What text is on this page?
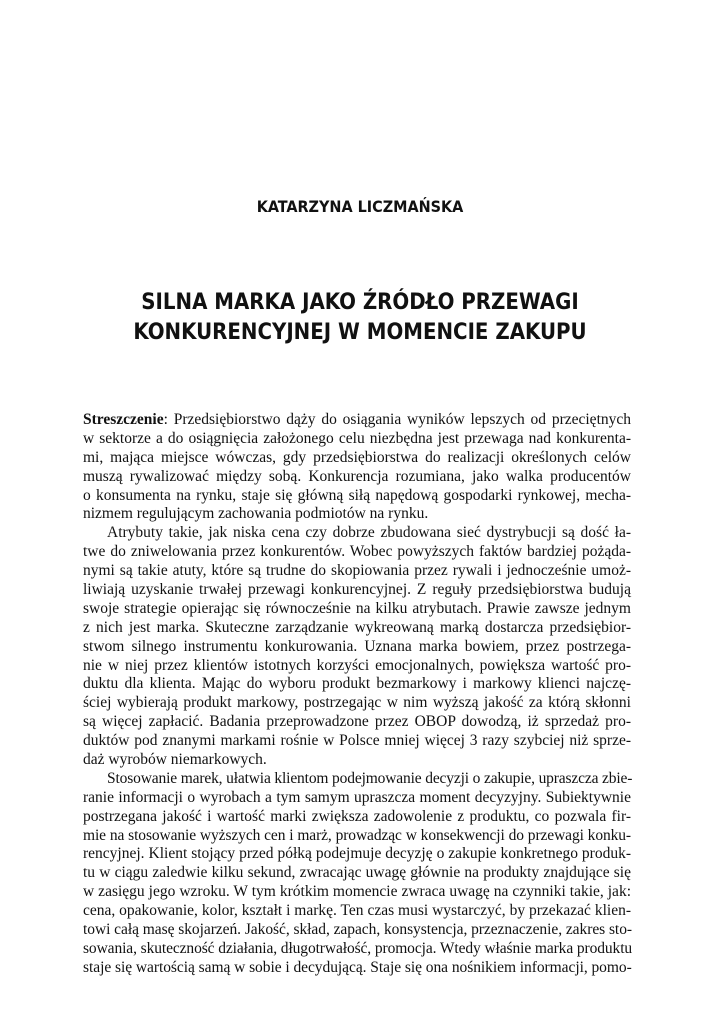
KATARZYNA LICZMAŃSKA
SILNA MARKA JAKO ŹRÓDŁO PRZEWAGI
KONKURENCYJNEJ W MOMENCIE ZAKUPU
Streszczenie: Przedsiębiorstwo dąży do osiągania wyników lepszych od przeciętnych
w sektorze a do osiągnięcia założonego celu niezbędna jest przewaga nad konkurenta-
mi, mająca miejsce wówczas, gdy przedsiębiorstwa do realizacji określonych celów
muszą rywalizować między sobą. Konkurencja rozumiana, jako walka producentów
o konsumenta na rynku, staje się główną siłą napędową gospodarki rynkowej, mecha-
nizmem regulującym zachowania podmiotów na rynku.
Atrybuty takie, jak niska cena czy dobrze zbudowana sieć dystrybucji są dość ła-
twe do zniwelowania przez konkurentów. Wobec powyższych faktów bardziej pożąda-
nymi są takie atuty, które są trudne do skopiowania przez rywali i jednocześnie umoż-
liwiają uzyskanie trwałej przewagi konkurencyjnej. Z reguły przedsiębiorstwa budują
swoje strategie opierając się równocześnie na kilku atrybutach. Prawie zawsze jednym
z nich jest marka. Skuteczne zarządzanie wykreowaną marką dostarcza przedsiębior-
stwom silnego instrumentu konkurowania. Uznana marka bowiem, przez postrzega-
nie w niej przez klientów istotnych korzyści emocjonalnych, powiększa wartość pro-
duktu dla klienta. Mając do wyboru produkt bezmarkowy i markowy klienci najczę-
ściej wybierają produkt markowy, postrzegając w nim wyższą jakość za którą skłonni
są więcej zapłacić. Badania przeprowadzone przez OBOP dowodzą, iż sprzedaż pro-
duktów pod znanymi markami rośnie w Polsce mniej więcej 3 razy szybciej niż sprze-
daż wyrobów niemarkowych.
Stosowanie marek, ułatwia klientom podejmowanie decyzji o zakupie, upraszcza zbie-
ranie informacji o wyrobach a tym samym upraszcza moment decyzyjny. Subiektywnie
postrzegana jakość i wartość marki zwiększa zadowolenie z produktu, co pozwala fir-
mie na stosowanie wyższych cen i marż, prowadząc w konsekwencji do przewagi konku-
rencyjnej. Klient stojący przed półką podejmuje decyzję o zakupie konkretnego produk-
tu w ciągu zaledwie kilku sekund, zwracając uwagę głównie na produkty znajdujące się
w zasięgu jego wzroku. W tym krótkim momencie zwraca uwagę na czynniki takie, jak:
cena, opakowanie, kolor, kształt i markę. Ten czas musi wystarczyć, by przekazać klien-
towi całą masę skojarzeń. Jakość, skład, zapach, konsystencja, przeznaczenie, zakres sto-
sowania, skuteczność działania, długotrwałość, promocja. Wtedy właśnie marka produktu
staje się wartością samą w sobie i decydującą. Staje się ona nośnikiem informacji, pomo-
